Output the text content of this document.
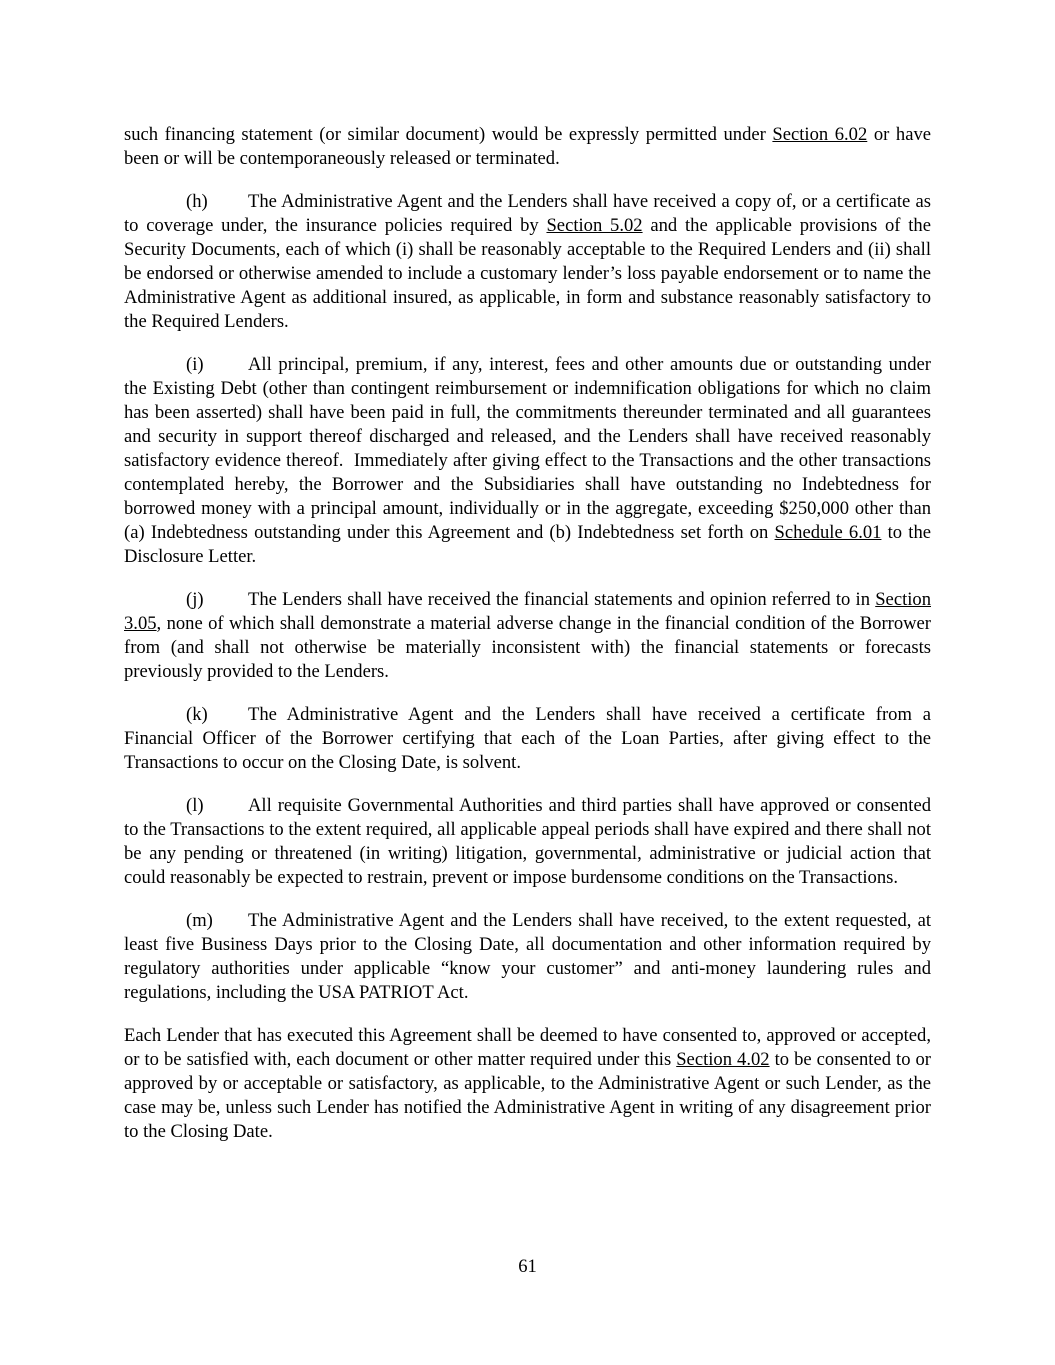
such financing statement (or similar document) would be expressly permitted under Section 6.02 or have been or will be contemporaneously released or terminated.

(h) The Administrative Agent and the Lenders shall have received a copy of, or a certificate as to coverage under, the insurance policies required by Section 5.02 and the applicable provisions of the Security Documents, each of which (i) shall be reasonably acceptable to the Required Lenders and (ii) shall be endorsed or otherwise amended to include a customary lender’s loss payable endorsement or to name the Administrative Agent as additional insured, as applicable, in form and substance reasonably satisfactory to the Required Lenders.

(i) All principal, premium, if any, interest, fees and other amounts due or outstanding under the Existing Debt (other than contingent reimbursement or indemnification obligations for which no claim has been asserted) shall have been paid in full, the commitments thereunder terminated and all guarantees and security in support thereof discharged and released, and the Lenders shall have received reasonably satisfactory evidence thereof.  Immediately after giving effect to the Transactions and the other transactions contemplated hereby, the Borrower and the Subsidiaries shall have outstanding no Indebtedness for borrowed money with a principal amount, individually or in the aggregate, exceeding $250,000 other than (a) Indebtedness outstanding under this Agreement and (b) Indebtedness set forth on Schedule 6.01 to the Disclosure Letter.

(j) The Lenders shall have received the financial statements and opinion referred to in Section 3.05, none of which shall demonstrate a material adverse change in the financial condition of the Borrower from (and shall not otherwise be materially inconsistent with) the financial statements or forecasts previously provided to the Lenders.

(k) The Administrative Agent and the Lenders shall have received a certificate from a Financial Officer of the Borrower certifying that each of the Loan Parties, after giving effect to the Transactions to occur on the Closing Date, is solvent.

(l) All requisite Governmental Authorities and third parties shall have approved or consented to the Transactions to the extent required, all applicable appeal periods shall have expired and there shall not be any pending or threatened (in writing) litigation, governmental, administrative or judicial action that could reasonably be expected to restrain, prevent or impose burdensome conditions on the Transactions.

(m) The Administrative Agent and the Lenders shall have received, to the extent requested, at least five Business Days prior to the Closing Date, all documentation and other information required by regulatory authorities under applicable “know your customer” and anti-money laundering rules and regulations, including the USA PATRIOT Act.

Each Lender that has executed this Agreement shall be deemed to have consented to, approved or accepted, or to be satisfied with, each document or other matter required under this Section 4.02 to be consented to or approved by or acceptable or satisfactory, as applicable, to the Administrative Agent or such Lender, as the case may be, unless such Lender has notified the Administrative Agent in writing of any disagreement prior to the Closing Date.

61
